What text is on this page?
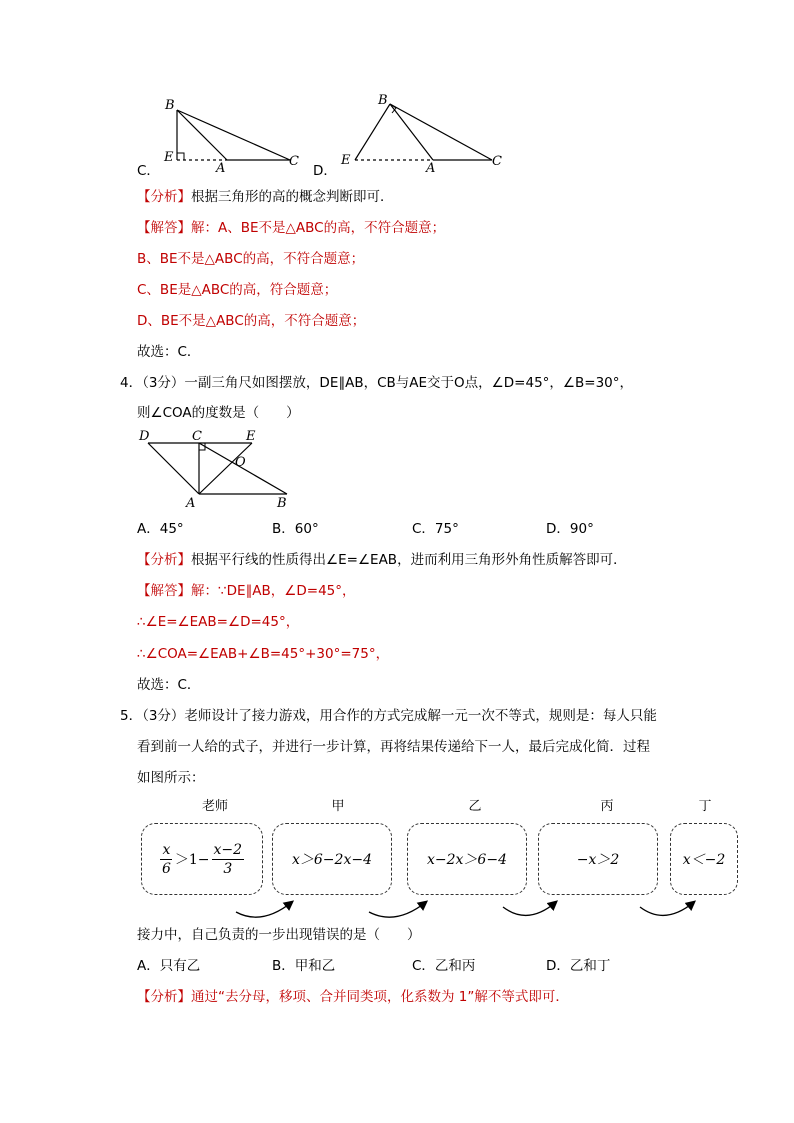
C．
B
E
A	C
D．
B
E
A	C
【分析】根据三角形的高的概念判断即可．
【解答】解：A、BE不是△ABC的高，不符合题意；
B、BE不是△ABC的高，不符合题意；
C、BE是△ABC的高，符合题意；
D、BE不是△ABC的高，不符合题意；
故选：C．
4．（3分）一副三角尺如图摆放，DE∥AB，CB与AE交于O点，∠D=45°，∠B=30°，
则∠COA的度数是（　　）
D	C	E
O
A	B
A．45°	B．60°	C．75°	D．90°
【分析】根据平行线的性质得出∠E=∠EAB，进而利用三角形外角性质解答即可．
【解答】解：∵DE∥AB，∠D=45°，
∴∠E=∠EAB=∠D=45°，
∴∠COA=∠EAB+∠B=45°+30°=75°，
故选：C．
5．（3分）老师设计了接力游戏，用合作的方式完成解一元一次不等式，规则是：每人只能
看到前一人给的式子，并进行一步计算，再将结果传递给下一人，最后完成化简．过程
如图所示：
老师	甲	乙	丙	丁
$\frac{x}{6} >1- \frac{x-2}{3}$	x＞6−2x−4	x−2x＞6−4	−x＞2	x＜−2
接力中，自己负责的一步出现错误的是（　　）
A．只有乙	B．甲和乙	C．乙和丙	D．乙和丁
【分析】通过“去分母，移项、合并同类项，化系数为 1”解不等式即可．
